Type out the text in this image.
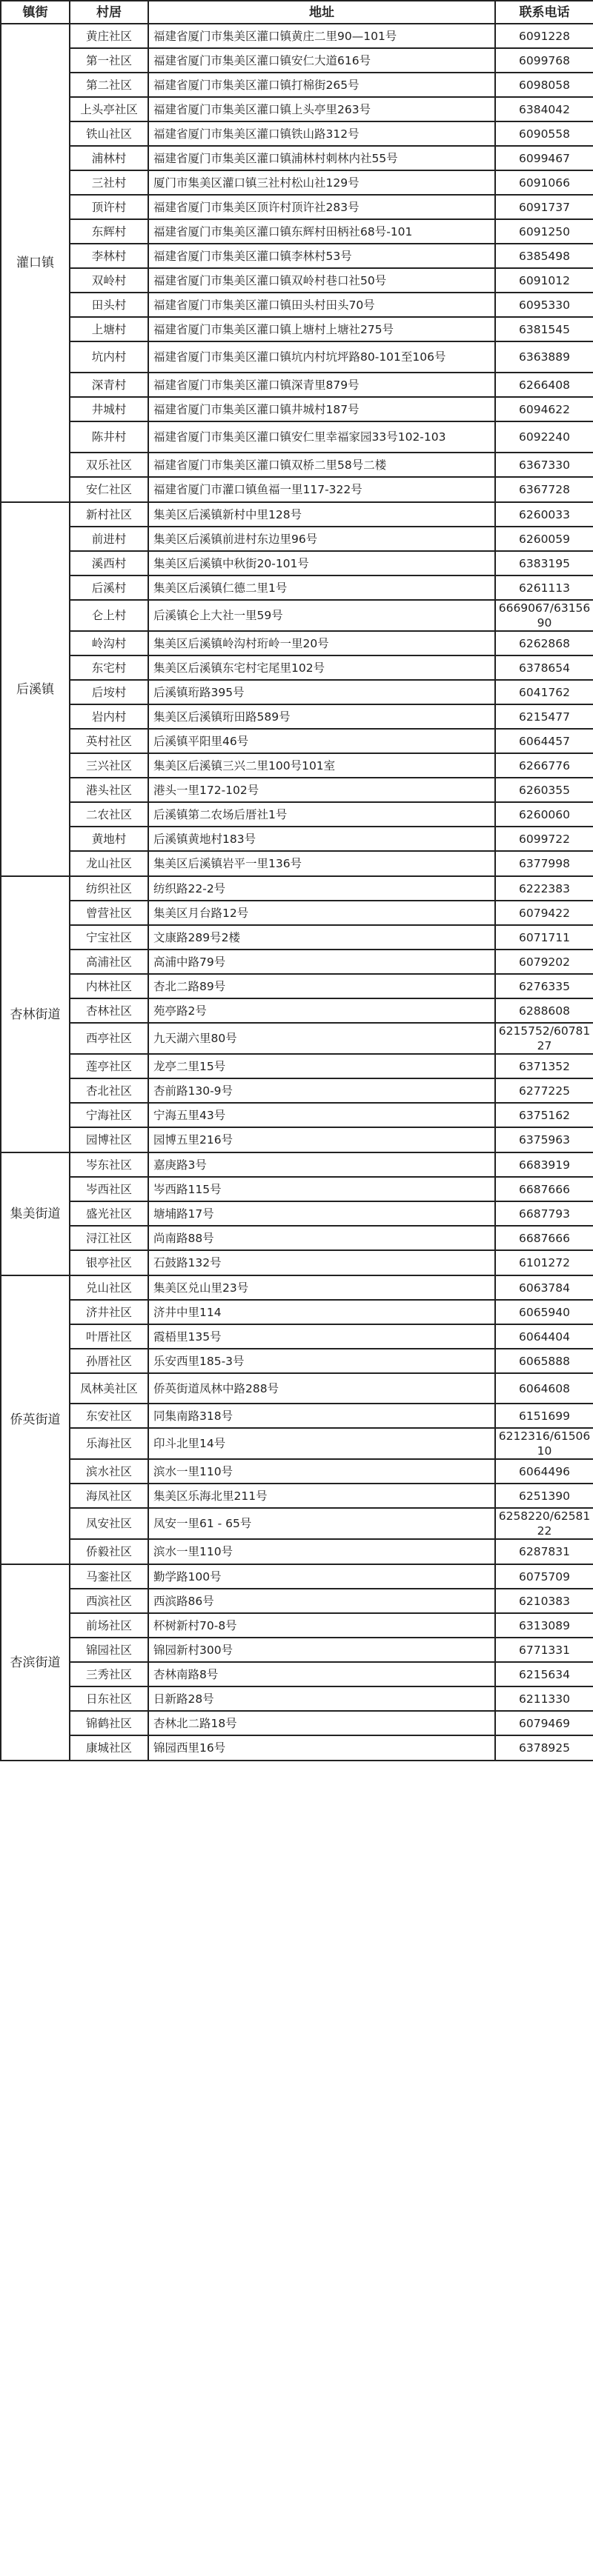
镇街	村居	地址	联系电话
灌口镇	黄庄社区	福建省厦门市集美区灌口镇黄庄二里90—101号	6091228
	第一社区	福建省厦门市集美区灌口镇安仁大道616号	6099768
	第二社区	福建省厦门市集美区灌口镇打棉街265号	6098058
	上头亭社区	福建省厦门市集美区灌口镇上头亭里263号	6384042
	铁山社区	福建省厦门市集美区灌口镇铁山路312号	6090558
	浦林村	福建省厦门市集美区灌口镇浦林村刺林内社55号	6099467
	三社村	厦门市集美区灌口镇三社村松山社129号	6091066
	顶许村	福建省厦门市集美区顶许村顶许社283号	6091737
	东辉村	福建省厦门市集美区灌口镇东辉村田柄社68号-101	6091250
	李林村	福建省厦门市集美区灌口镇李林村53号	6385498
	双岭村	福建省厦门市集美区灌口镇双岭村巷口社50号	6091012
	田头村	福建省厦门市集美区灌口镇田头村田头70号	6095330
	上塘村	福建省厦门市集美区灌口镇上塘村上塘社275号	6381545
	坑内村	福建省厦门市集美区灌口镇坑内村坑坪路80-101至106号	6363889
	深青村	福建省厦门市集美区灌口镇深青里879号	6266408
	井城村	福建省厦门市集美区灌口镇井城村187号	6094622
	陈井村	福建省厦门市集美区灌口镇安仁里幸福家园33号102-103	6092240
	双乐社区	福建省厦门市集美区灌口镇双桥二里58号二楼	6367330
	安仁社区	福建省厦门市灌口镇鱼福一里117-322号	6367728
后溪镇	新村社区	集美区后溪镇新村中里128号	6260033
	前进村	集美区后溪镇前进村东边里96号	6260059
	溪西村	集美区后溪镇中秋街20-101号	6383195
	后溪村	集美区后溪镇仁德二里1号	6261113
	仑上村	后溪镇仑上大社一里59号	6669067/6315690
	岭沟村	集美区后溪镇岭沟村珩岭一里20号	6262868
	东宅村	集美区后溪镇东宅村宅尾里102号	6378654
	后垵村	后溪镇珩路395号	6041762
	岩内村	集美区后溪镇珩田路589号	6215477
	英村社区	后溪镇平阳里46号	6064457
	三兴社区	集美区后溪镇三兴二里100号101室	6266776
	港头社区	港头一里172-102号	6260355
	二农社区	后溪镇第二农场后厝社1号	6260060
	黄地村	后溪镇黄地村183号	6099722
	龙山社区	集美区后溪镇岩平一里136号	6377998
杏林街道	纺织社区	纺织路22-2号	6222383
	曾营社区	集美区月台路12号	6079422
	宁宝社区	文康路289号2楼	6071711
	高浦社区	高浦中路79号	6079202
	内林社区	杏北二路89号	6276335
	杏林社区	苑亭路2号	6288608
	西亭社区	九天湖六里80号	6215752/6078127
	莲亭社区	龙亭二里15号	6371352
	杏北社区	杏前路130-9号	6277225
	宁海社区	宁海五里43号	6375162
	园博社区	园博五里216号	6375963
集美街道	岑东社区	嘉庚路3号	6683919
	岑西社区	岑西路115号	6687666
	盛光社区	塘埔路17号	6687793
	浔江社区	尚南路88号	6687666
	银亭社区	石鼓路132号	6101272
侨英街道	兑山社区	集美区兑山里23号	6063784
	济井社区	济井中里114	6065940
	叶厝社区	霞梧里135号	6064404
	孙厝社区	乐安西里185-3号	6065888
	凤林美社区	侨英街道凤林中路288号	6064608
	东安社区	同集南路318号	6151699
	乐海社区	印斗北里14号	6212316/6150610
	滨水社区	滨水一里110号	6064496
	海凤社区	集美区乐海北里211号	6251390
	凤安社区	凤安一里61 - 65号	6258220/6258122
	侨毅社区	滨水一里110号	6287831
杏滨街道	马銮社区	勤学路100号	6075709
	西滨社区	西滨路86号	6210383
	前场社区	杯树新村70-8号	6313089
	锦园社区	锦园新村300号	6771331
	三秀社区	杏林南路8号	6215634
	日东社区	日新路28号	6211330
	锦鹤社区	杏林北二路18号	6079469
	康城社区	锦园西里16号	6378925
